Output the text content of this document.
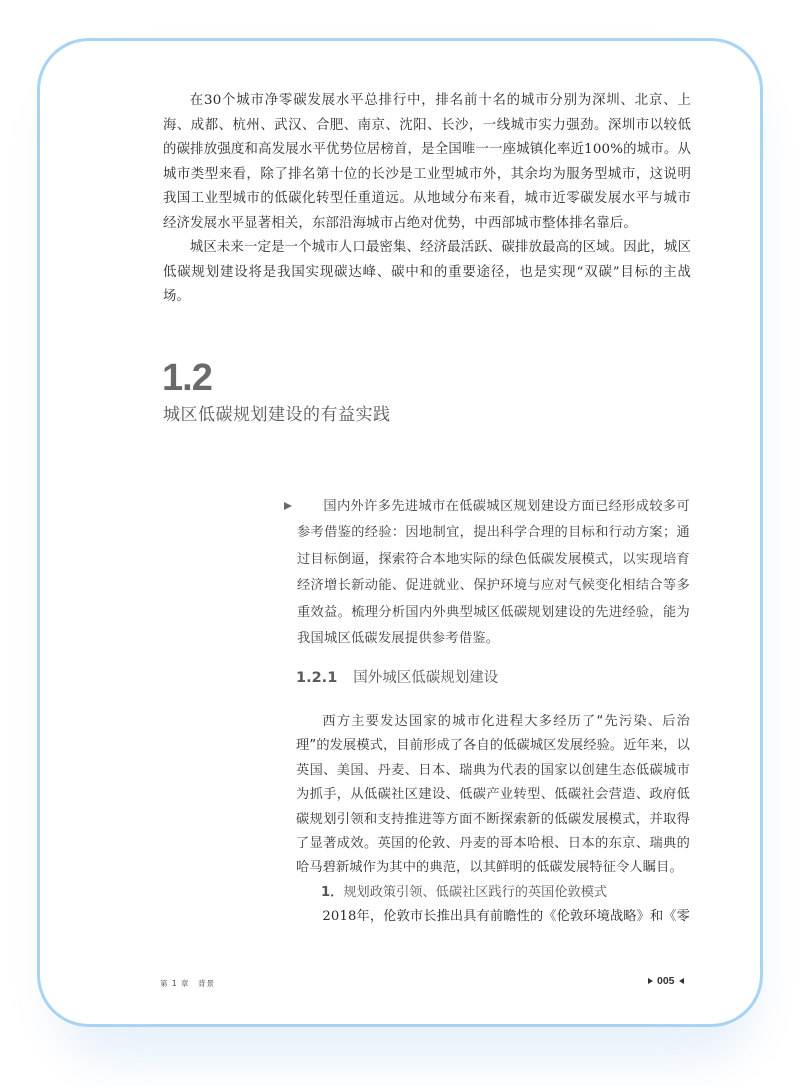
在30个城市净零碳发展水平总排行中，排名前十名的城市分别为深圳、北京、上海、成都、杭州、武汉、合肥、南京、沈阳、长沙，一线城市实力强劲。深圳市以较低的碳排放强度和高发展水平优势位居榜首，是全国唯一一座城镇化率近100%的城市。从城市类型来看，除了排名第十位的长沙是工业型城市外，其余均为服务型城市，这说明我国工业型城市的低碳化转型任重道远。从地域分布来看，城市近零碳发展水平与城市经济发展水平显著相关，东部沿海城市占绝对优势，中西部城市整体排名靠后。

城区未来一定是一个城市人口最密集、经济最活跃、碳排放最高的区域。因此，城区低碳规划建设将是我国实现碳达峰、碳中和的重要途径，也是实现“双碳”目标的主战场。

1.2
城区低碳规划建设的有益实践

国内外许多先进城市在低碳城区规划建设方面已经形成较多可参考借鉴的经验：因地制宜，提出科学合理的目标和行动方案；通过目标倒逼，探索符合本地实际的绿色低碳发展模式，以实现培育经济增长新动能、促进就业、保护环境与应对气候变化相结合等多重效益。梳理分析国内外典型城区低碳规划建设的先进经验，能为我国城区低碳发展提供参考借鉴。

1.2.1 国外城区低碳规划建设

西方主要发达国家的城市化进程大多经历了“先污染、后治理”的发展模式，目前形成了各自的低碳城区发展经验。近年来，以英国、美国、丹麦、日本、瑞典为代表的国家以创建生态低碳城市为抓手，从低碳社区建设、低碳产业转型、低碳社会营造、政府低碳规划引领和支持推进等方面不断探索新的低碳发展模式，并取得了显著成效。英国的伦敦、丹麦的哥本哈根、日本的东京、瑞典的哈马碧新城作为其中的典范，以其鲜明的低碳发展特征令人瞩目。

1．规划政策引领、低碳社区践行的英国伦敦模式

2018年，伦敦市长推出具有前瞻性的《伦敦环境战略》和《零

第 1 章　背景	005
